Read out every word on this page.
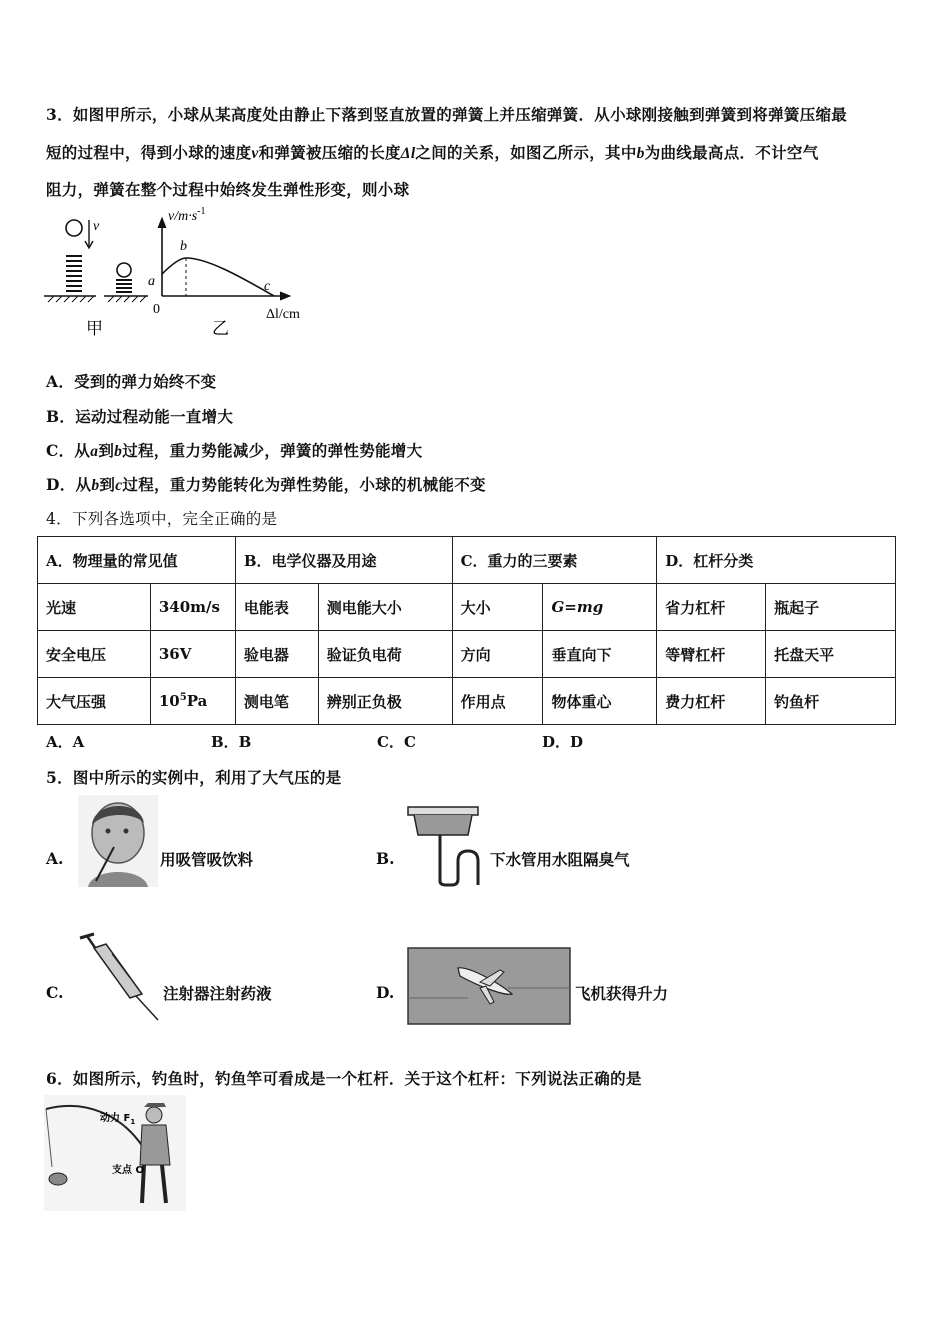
3．如图甲所示，小球从某高度处由静止下落到竖直放置的弹簧上并压缩弹簧．从小球刚接触到弹簧到将弹簧压缩最
短的过程中，得到小球的速度v和弹簧被压缩的长度Δl之间的关系，如图乙所示，其中b为曲线最高点．不计空气
阻力，弹簧在整个过程中始终发生弹性形变，则小球
v
甲
$v/m\cdot s^{-1}$
a
b
c
0	Δl/cm
乙
A．受到的弹力始终不变
B．运动过程动能一直增大
C．从a到b过程，重力势能减少，弹簧的弹性势能增大
D．从b到c过程，重力势能转化为弹性势能，小球的机械能不变
4．下列各选项中，完全正确的是
A．物理量的常见值		B．电学仪器及用途		C．重力的三要素		D．杠杆分类	
光速	340m/s	电能表	测电能大小	大小	G=mg	省力杠杆	瓶起子
安全电压	36V	验电器	验证负电荷	方向	垂直向下	等臂杠杆	托盘天平
大气压强	$10^5Pa$	测电笔	辨别正负极	作用点	物体重心	费力杠杆	钓鱼杆
A．A	B．B	C．C	D．D
5．图中所示的实例中，利用了大气压的是
A.	用吸管吸饮料	B.	下水管用水阻隔臭气
C.	注射器注射药液	D.	飞机获得升力
6．如图所示，钓鱼时，钓鱼竿可看成是一个杠杆．关于这个杠杆：下列说法正确的是
动力 $F_1$
支点 O
